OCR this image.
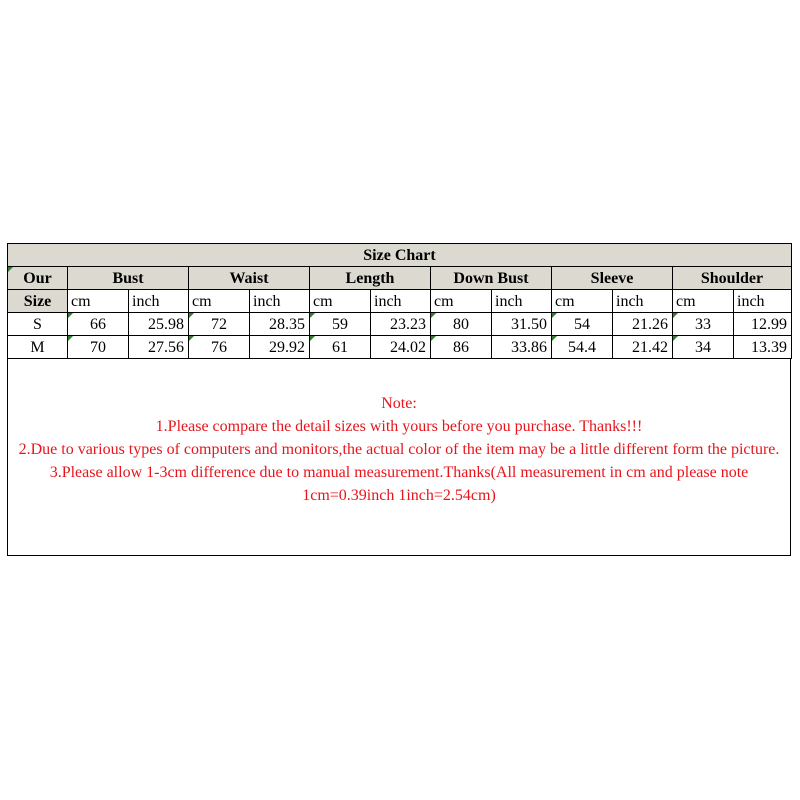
Size Chart												
Our	Bust		Waist		Length		Down Bust		Sleeve		Shoulder	
Size	cm	inch	cm	inch	cm	inch	cm	inch	cm	inch	cm	inch
S	66	25.98	72	28.35	59	23.23	80	31.50	54	21.26	33	12.99
M	70	27.56	76	29.92	61	24.02	86	33.86	54.4	21.42	34	13.39
Note:
1.Please compare the detail sizes with yours before you purchase. Thanks!!!
2.Due to various types of computers and monitors,the actual color of the item may be a little different form the picture.
3.Please allow 1-3cm difference due to manual measurement.Thanks(All measurement in cm and please note 1cm=0.39inch 1inch=2.54cm)
